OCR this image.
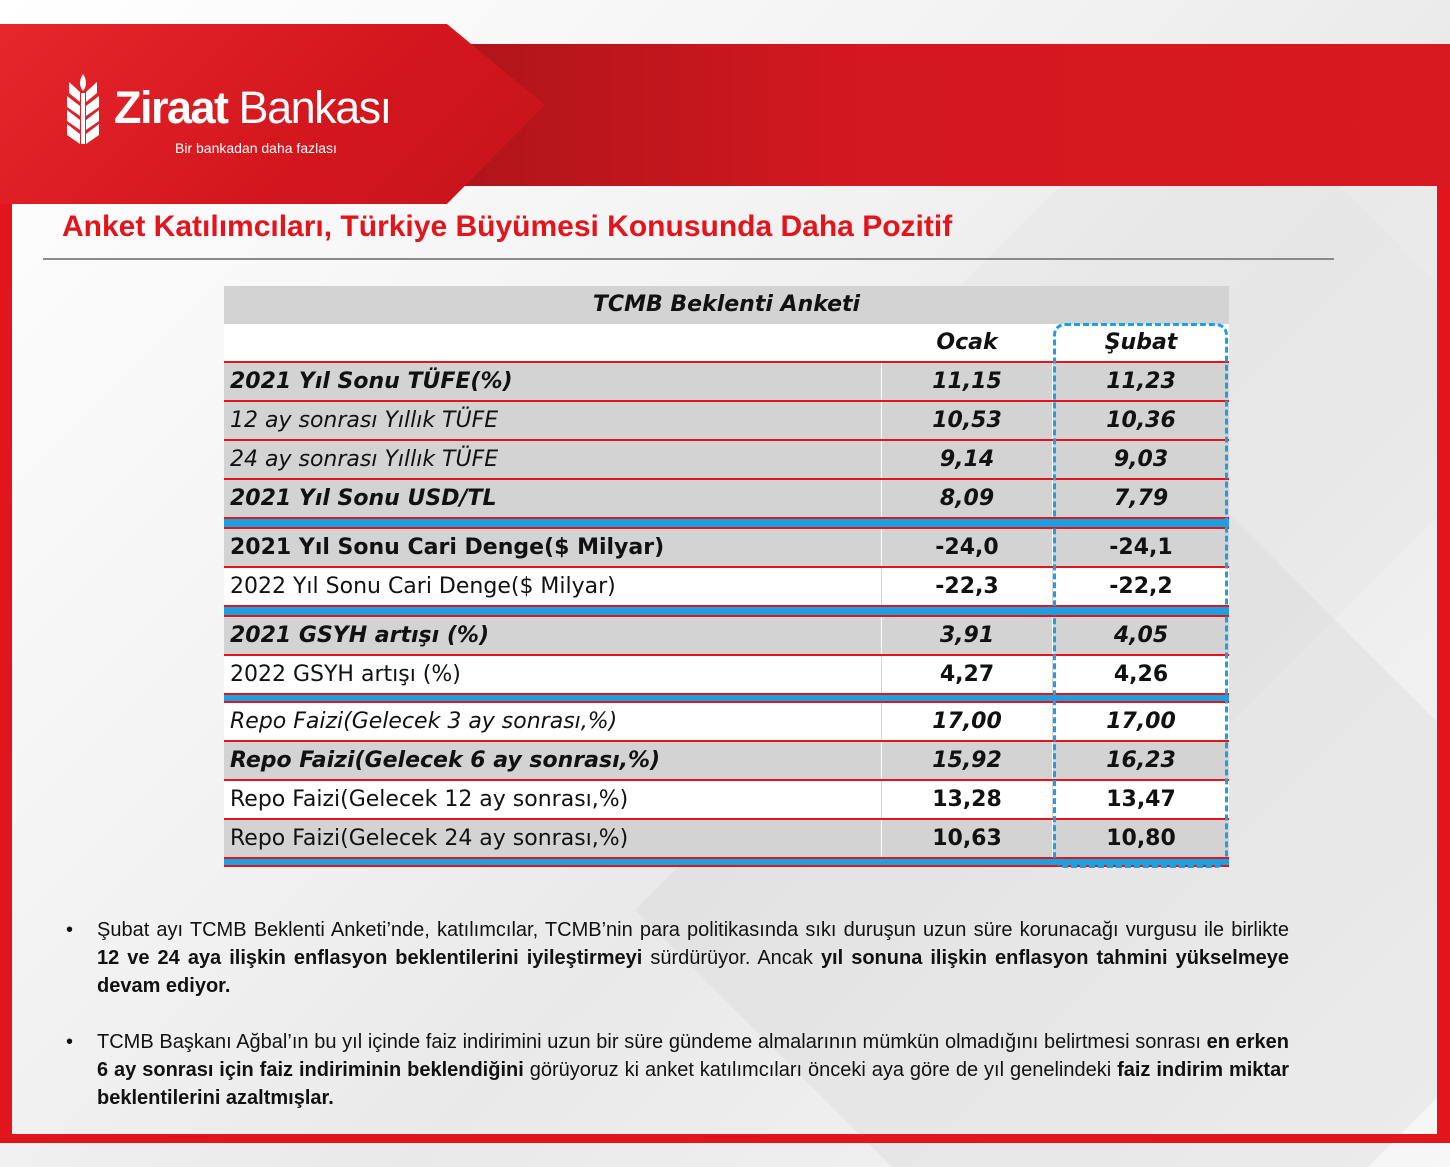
Ziraat Bankası
Bir bankadan daha fazlası
Anket Katılımcıları, Türkiye Büyümesi Konusunda Daha Pozitif
TCMB Beklenti Anketi
Ocak	Şubat
2021 Yıl Sonu TÜFE(%)	11,15	11,23
12 ay sonrası Yıllık TÜFE	10,53	10,36
24 ay sonrası Yıllık TÜFE	9,14	9,03
2021 Yıl Sonu USD/TL	8,09	7,79
2021 Yıl Sonu Cari Denge($ Milyar)	-24,0	-24,1
2022 Yıl Sonu Cari Denge($ Milyar)	-22,3	-22,2
2021 GSYH artışı (%)	3,91	4,05
2022 GSYH artışı (%)	4,27	4,26
Repo Faizi(Gelecek 3 ay sonrası,%)	17,00	17,00
Repo Faizi(Gelecek 6 ay sonrası,%)	15,92	16,23
Repo Faizi(Gelecek 12 ay sonrası,%)	13,28	13,47
Repo Faizi(Gelecek 24 ay sonrası,%)	10,63	10,80
• Şubat ayı TCMB Beklenti Anketi’nde, katılımcılar, TCMB’nin para politikasında sıkı duruşun uzun süre korunacağı vurgusu ile birlikte 12 ve 24 aya ilişkin enflasyon beklentilerini iyileştirmeyi sürdürüyor. Ancak yıl sonuna ilişkin enflasyon tahmini yükselmeye devam ediyor.
• TCMB Başkanı Ağbal’ın bu yıl içinde faiz indirimini uzun bir süre gündeme almalarının mümkün olmadığını belirtmesi sonrası en erken 6 ay sonrası için faiz indiriminin beklendiğini görüyoruz ki anket katılımcıları önceki aya göre de yıl genelindeki faiz indirim miktar beklentilerini azaltmışlar.
